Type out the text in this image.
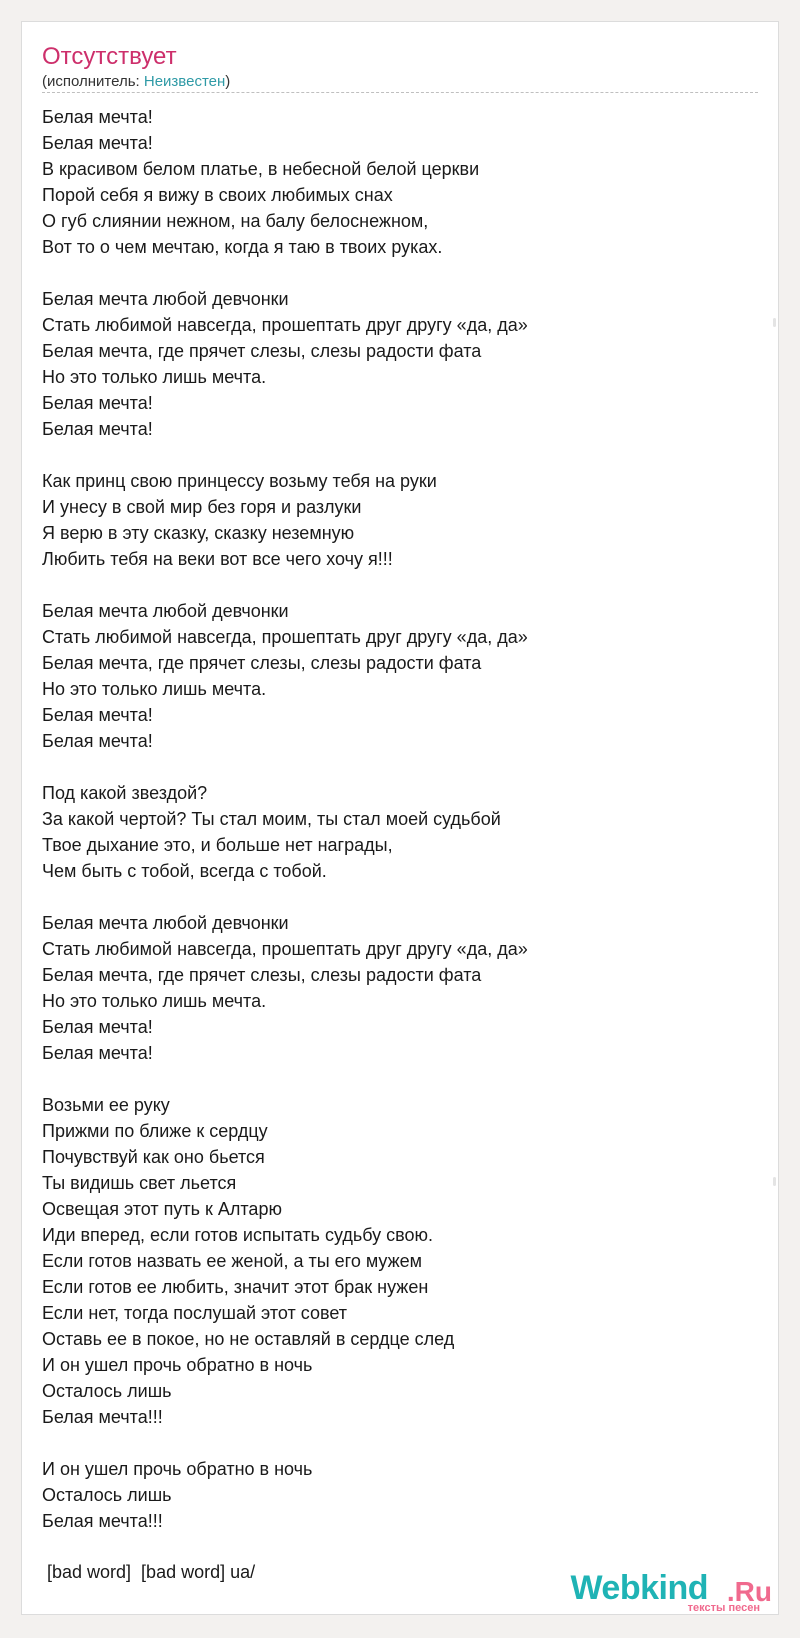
Отсутствует
(исполнитель: Неизвестен)
Белая мечта!
Белая мечта!
В красивом белом платье, в небесной белой церкви
Порой себя я вижу в своих любимых снах
О губ слиянии нежном, на балу белоснежном,
Вот то о чем мечтаю, когда я таю в твоих руках.
Белая мечта любой девчонки
Стать любимой навсегда, прошептать друг другу «да, да»
Белая мечта, где прячет слезы, слезы радости фата
Но это только лишь мечта.
Белая мечта!
Белая мечта!
Как принц свою принцессу возьму тебя на руки
И унесу в свой мир без горя и разлуки
Я верю в эту сказку, сказку неземную
Любить тебя на веки вот все чего хочу я!!!
Белая мечта любой девчонки
Стать любимой навсегда, прошептать друг другу «да, да»
Белая мечта, где прячет слезы, слезы радости фата
Но это только лишь мечта.
Белая мечта!
Белая мечта!
Под какой звездой?
За какой чертой? Ты стал моим, ты стал моей судьбой
Твое дыхание это, и больше нет награды,
Чем быть с тобой, всегда с тобой.
Белая мечта любой девчонки
Стать любимой навсегда, прошептать друг другу «да, да»
Белая мечта, где прячет слезы, слезы радости фата
Но это только лишь мечта.
Белая мечта!
Белая мечта!
Возьми ее руку
Прижми по ближе к сердцу
Почувствуй как оно бьется
Ты видишь свет льется
Освещая этот путь к Алтарю
Иди вперед, если готов испытать судьбу свою.
Если готов назвать ее женой, а ты его мужем
Если готов ее любить, значит этот брак нужен
Если нет, тогда послушай этот совет
Оставь ее в покое, но не оставляй в сердце след
И он ушел прочь обратно в ночь
Осталось лишь
Белая мечта!!!
И он ушел прочь обратно в ночь
Осталось лишь
Белая мечта!!!
[bad word]  [bad word] ua/	Webkind .Ru
тексты песен
